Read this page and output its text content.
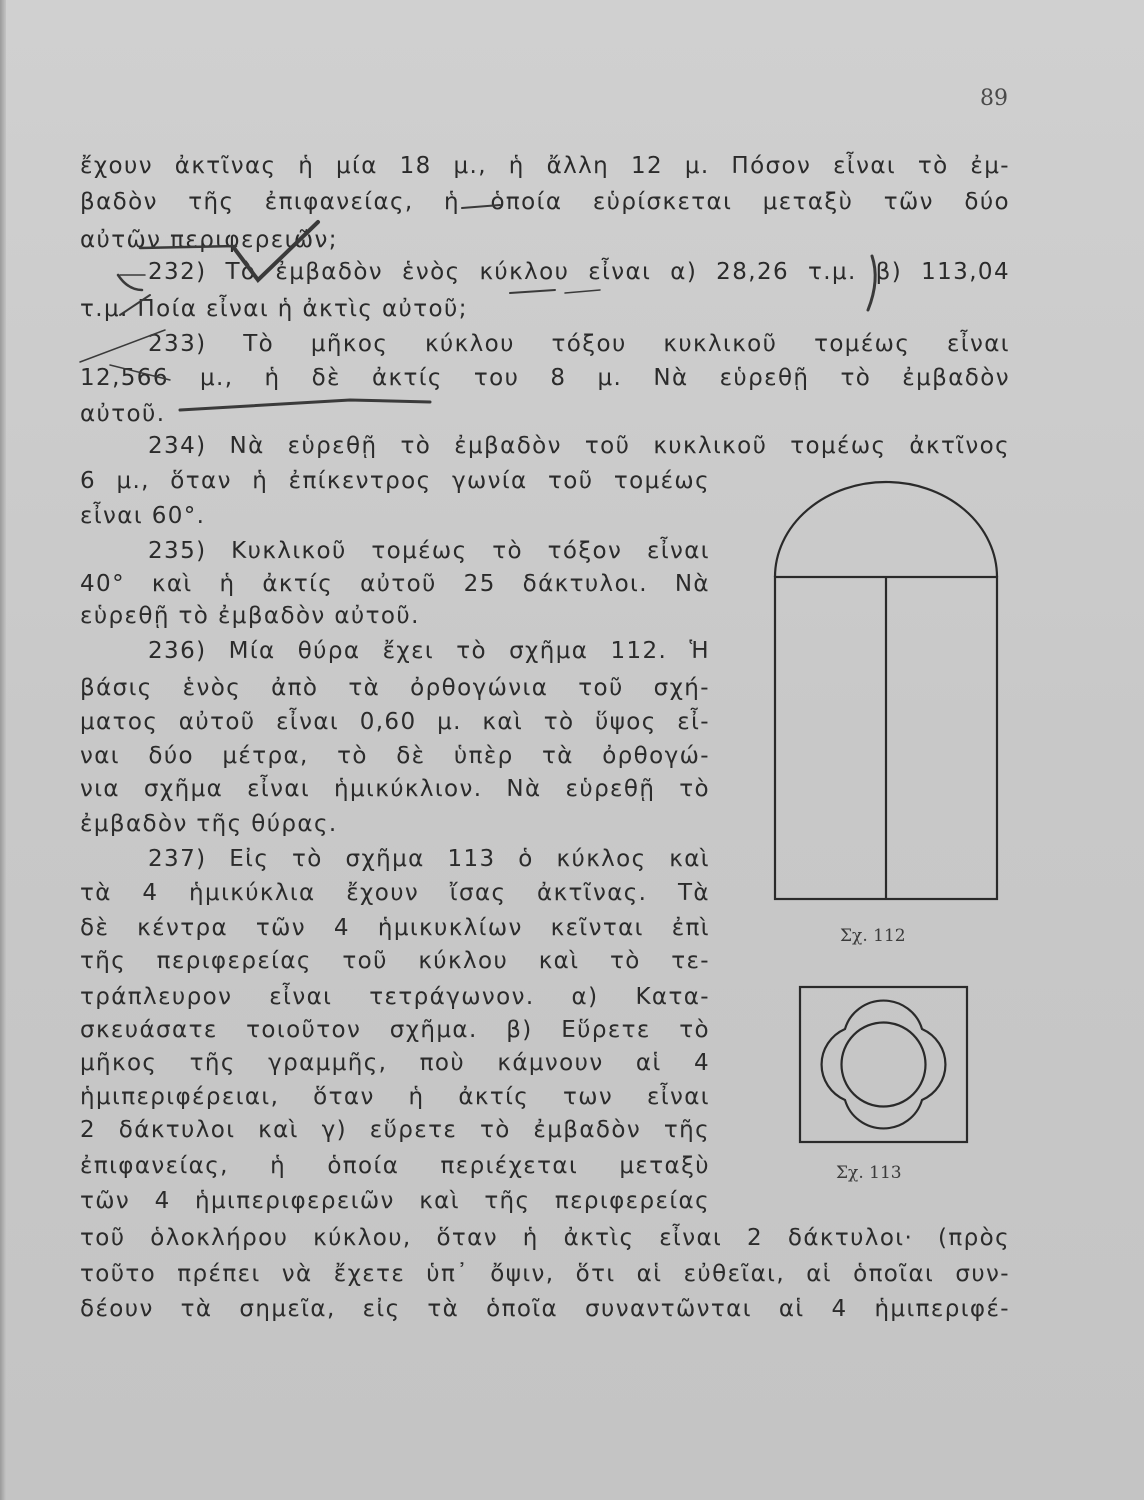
89
ἔχουν ἀκτῖνας ἡ μία 18 μ., ἡ ἄλλη 12 μ. Πόσον εἶναι τὸ ἐμ-
βαδὸν τῆς ἐπιφανείας, ἡ ὁποία εὑρίσκεται μεταξὺ τῶν δύο
αὐτῶν περιφερειῶν;
232) Τὸ ἐμβαδὸν ἑνὸς κύκλου εἶναι α) 28,26 τ.μ. β) 113,04
τ.μ. Ποία εἶναι ἡ ἀκτὶς αὐτοῦ;
233) Τὸ μῆκος κύκλου τόξου κυκλικοῦ τομέως εἶναι
12,566 μ., ἡ δὲ ἀκτίς του 8 μ. Νὰ εὑρεθῇ τὸ ἐμβαδὸν
αὐτοῦ.
234) Νὰ εὑρεθῇ τὸ ἐμβαδὸν τοῦ κυκλικοῦ τομέως ἀκτῖνος
6 μ., ὅταν ἡ ἐπίκεντρος γωνία τοῦ τομέως
εἶναι 60°.
235) Κυκλικοῦ τομέως τὸ τόξον εἶναι
40° καὶ ἡ ἀκτίς αὐτοῦ 25 δάκτυλοι. Νὰ
εὑρεθῇ τὸ ἐμβαδὸν αὐτοῦ.
236) Μία θύρα ἔχει τὸ σχῆμα 112. Ἡ
βάσις ἑνὸς ἀπὸ τὰ ὀρθογώνια τοῦ σχή-
ματος αὐτοῦ εἶναι 0,60 μ. καὶ τὸ ὕψος εἶ-
ναι δύο μέτρα, τὸ δὲ ὑπὲρ τὰ ὀρθογώ-
νια σχῆμα εἶναι ἡμικύκλιον. Νὰ εὑρεθῇ τὸ
ἐμβαδὸν τῆς θύρας.
237) Εἰς τὸ σχῆμα 113 ὁ κύκλος καὶ
τὰ 4 ἡμικύκλια ἔχουν ἴσας ἀκτῖνας. Τὰ
δὲ κέντρα τῶν 4 ἡμικυκλίων κεῖνται ἐπὶ
τῆς περιφερείας τοῦ κύκλου καὶ τὸ τε-
τράπλευρον εἶναι τετράγωνον. α) Κατα-
σκευάσατε τοιοῦτον σχῆμα. β) Εὕρετε τὸ
μῆκος τῆς γραμμῆς, ποὺ κάμνουν αἱ 4
ἡμιπεριφέρειαι, ὅταν ἡ ἀκτίς των εἶναι
2 δάκτυλοι καὶ γ) εὕρετε τὸ ἐμβαδὸν τῆς
ἐπιφανείας, ἡ ὁποία περιέχεται μεταξὺ
τῶν 4 ἡμιπεριφερειῶν καὶ τῆς περιφερείας
τοῦ ὁλοκλήρου κύκλου, ὅταν ἡ ἀκτὶς εἶναι 2 δάκτυλοι· (πρὸς
τοῦτο πρέπει νὰ ἔχετε ὑπ᾽ ὄψιν, ὅτι αἱ εὐθεῖαι, αἱ ὁποῖαι συν-
δέουν τὰ σημεῖα, εἰς τὰ ὁποῖα συναντῶνται αἱ 4 ἡμιπεριφέ-
Σχ. 112
Σχ. 113
